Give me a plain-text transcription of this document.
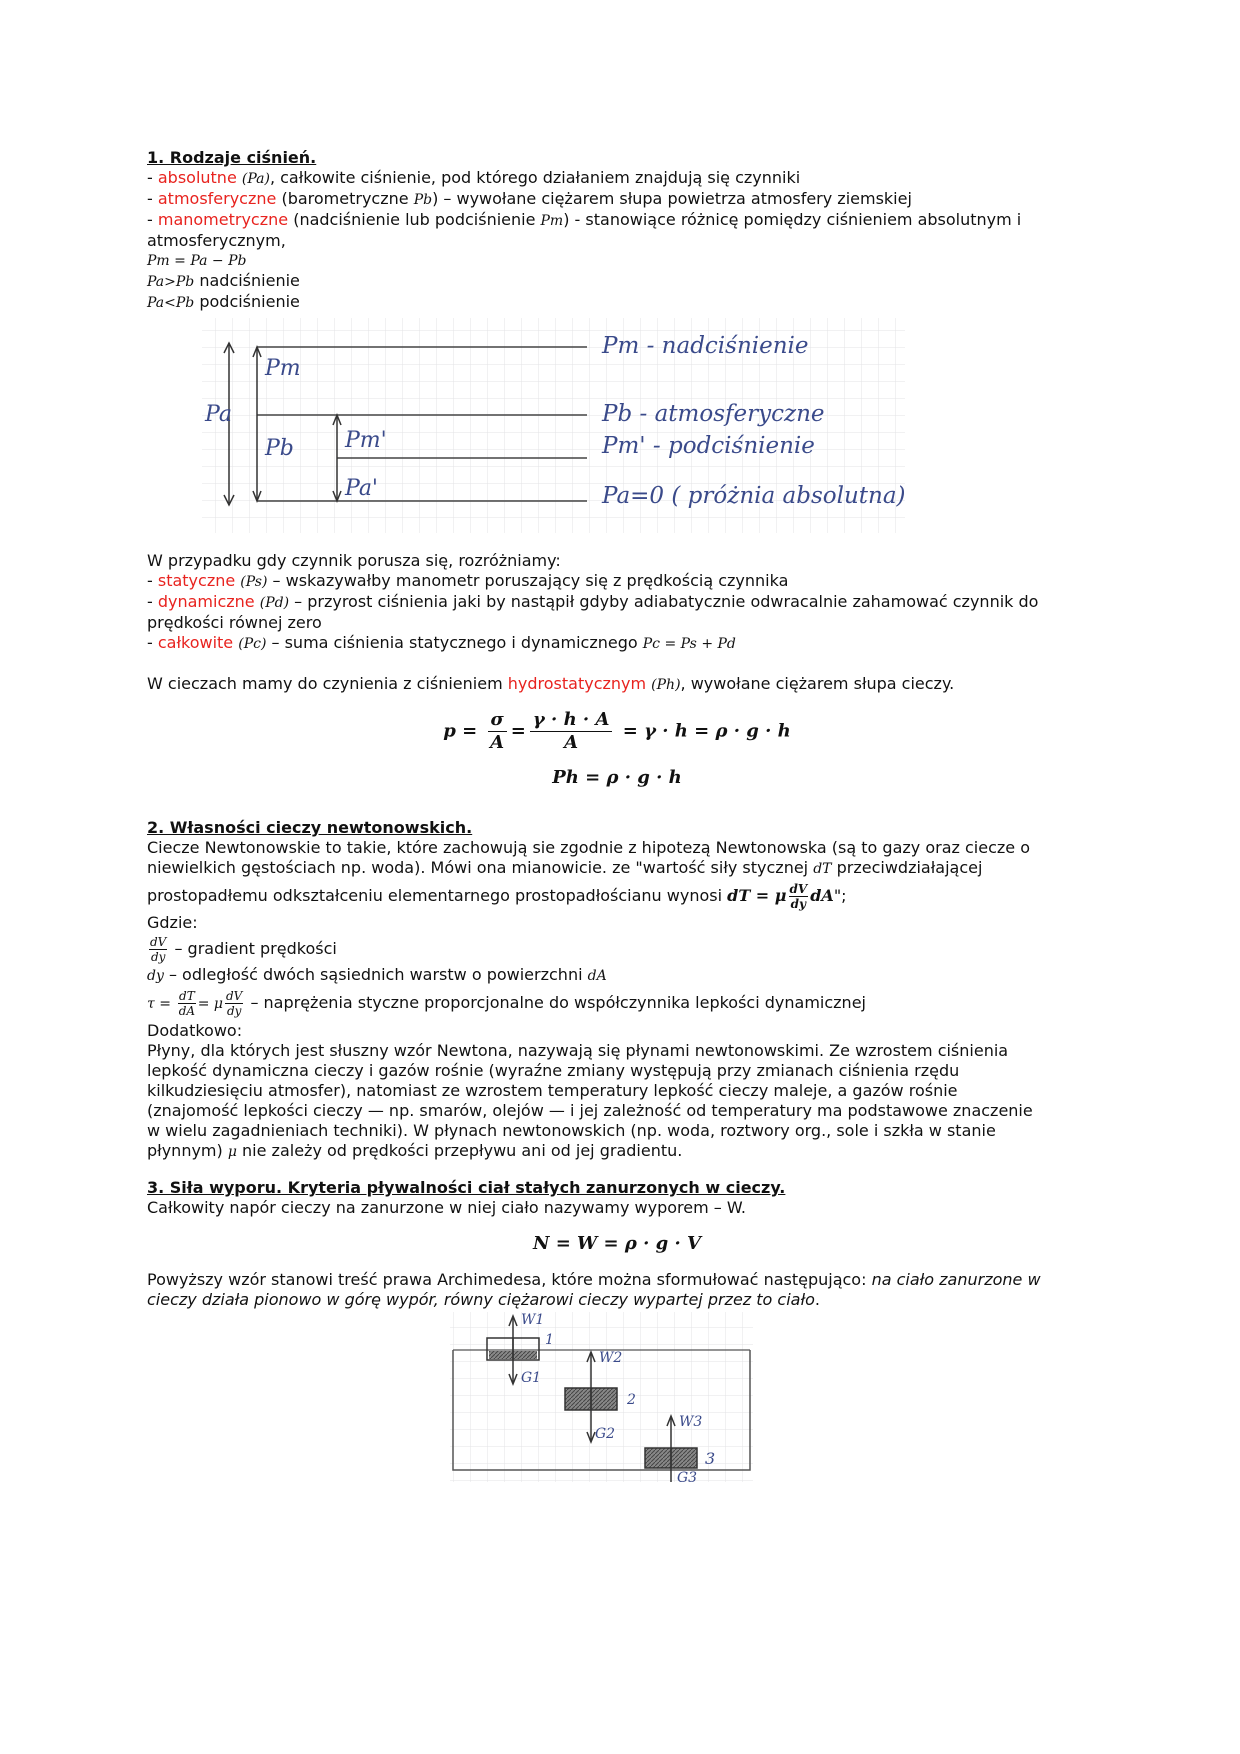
1. Rodzaje ciśnień.

- absolutne (Pa), całkowite ciśnienie, pod którego działaniem znajdują się czynniki

- atmosferyczne (barometryczne Pb) – wywołane ciężarem słupa powietrza atmosfery ziemskiej

- manometryczne (nadciśnienie lub podciśnienie Pm) - stanowiące różnicę pomiędzy ciśnieniem absolutnym i

atmosferycznym,

Pm = Pa − Pb

Pa>Pb nadciśnienie

Pa<Pb podciśnienie

Pa
Pm
Pb Pm'
Pa'
Pm - nadciśnienie
Pb - atmosferyczne
Pm' - podciśnienie
Pa=0 ( próżnia absolutna)

W przypadku gdy czynnik porusza się, rozróżniamy:

- statyczne (Ps) – wskazywałby manometr poruszający się z prędkością czynnika

- dynamiczne (Pd) – przyrost ciśnienia jaki by nastąpił gdyby adiabatycznie odwracalnie zahamować czynnik do

prędkości równej zero

- całkowite (Pc) – suma ciśnienia statycznego i dynamicznego Pc = Ps + Pd

W cieczach mamy do czynienia z ciśnieniem hydrostatycznym (Ph), wywołane ciężarem słupa cieczy.

$p = \frac{\sigma}{A} = \frac{\gamma \cdot h \cdot A}{A} = \gamma \cdot h = \rho \cdot g \cdot h$
Ph = ρ · g · h
2. Własności cieczy newtonowskich.

Ciecze Newtonowskie to takie, które zachowują sie zgodnie z hipotezą Newtonowska (są to gazy oraz ciecze o

niewielkich gęstościach np. woda). Mówi ona mianowicie. ze "wartość siły stycznej dT przeciwdziałającej

prostopadłemu odkształceniu elementarnego prostopadłościanu wynosi dT = μ $\frac{dV}{dy}$ dA";

Gdzie:

$\frac{dV}{dy}$ – gradient prędkości

dy – odległość dwóch sąsiednich warstw o powierzchni dA

$\tau = \frac{dT}{dA} = \mu \frac{dV}{dy}$ – naprężenia styczne proporcjonalne do współczynnika lepkości dynamicznej

Dodatkowo:

Płyny, dla których jest słuszny wzór Newtona, nazywają się płynami newtonowskimi. Ze wzrostem ciśnienia

lepkość dynamiczna cieczy i gazów rośnie (wyraźne zmiany występują przy zmianach ciśnienia rzędu

kilkudziesięciu atmosfer), natomiast ze wzrostem temperatury lepkość cieczy maleje, a gazów rośnie

(znajomość lepkości cieczy — np. smarów, olejów — i jej zależność od temperatury ma podstawowe znaczenie

w wielu zagadnieniach techniki). W płynach newtonowskich (np. woda, roztwory org., sole i szkła w stanie

płynnym) μ nie zależy od prędkości przepływu ani od jej gradientu.

3. Siła wyporu. Kryteria pływalności ciał stałych zanurzonych w cieczy.

Całkowity napór cieczy na zanurzone w niej ciało nazywamy wyporem – W.

N = W = ρ · g · V

Powyższy wzór stanowi treść prawa Archimedesa, które można sformułować następująco: na ciało zanurzone w

cieczy działa pionowo w górę wypór, równy ciężarowi cieczy wypartej przez to ciało.

W1
G1
1
W2
G2
2
W3
G3
3
